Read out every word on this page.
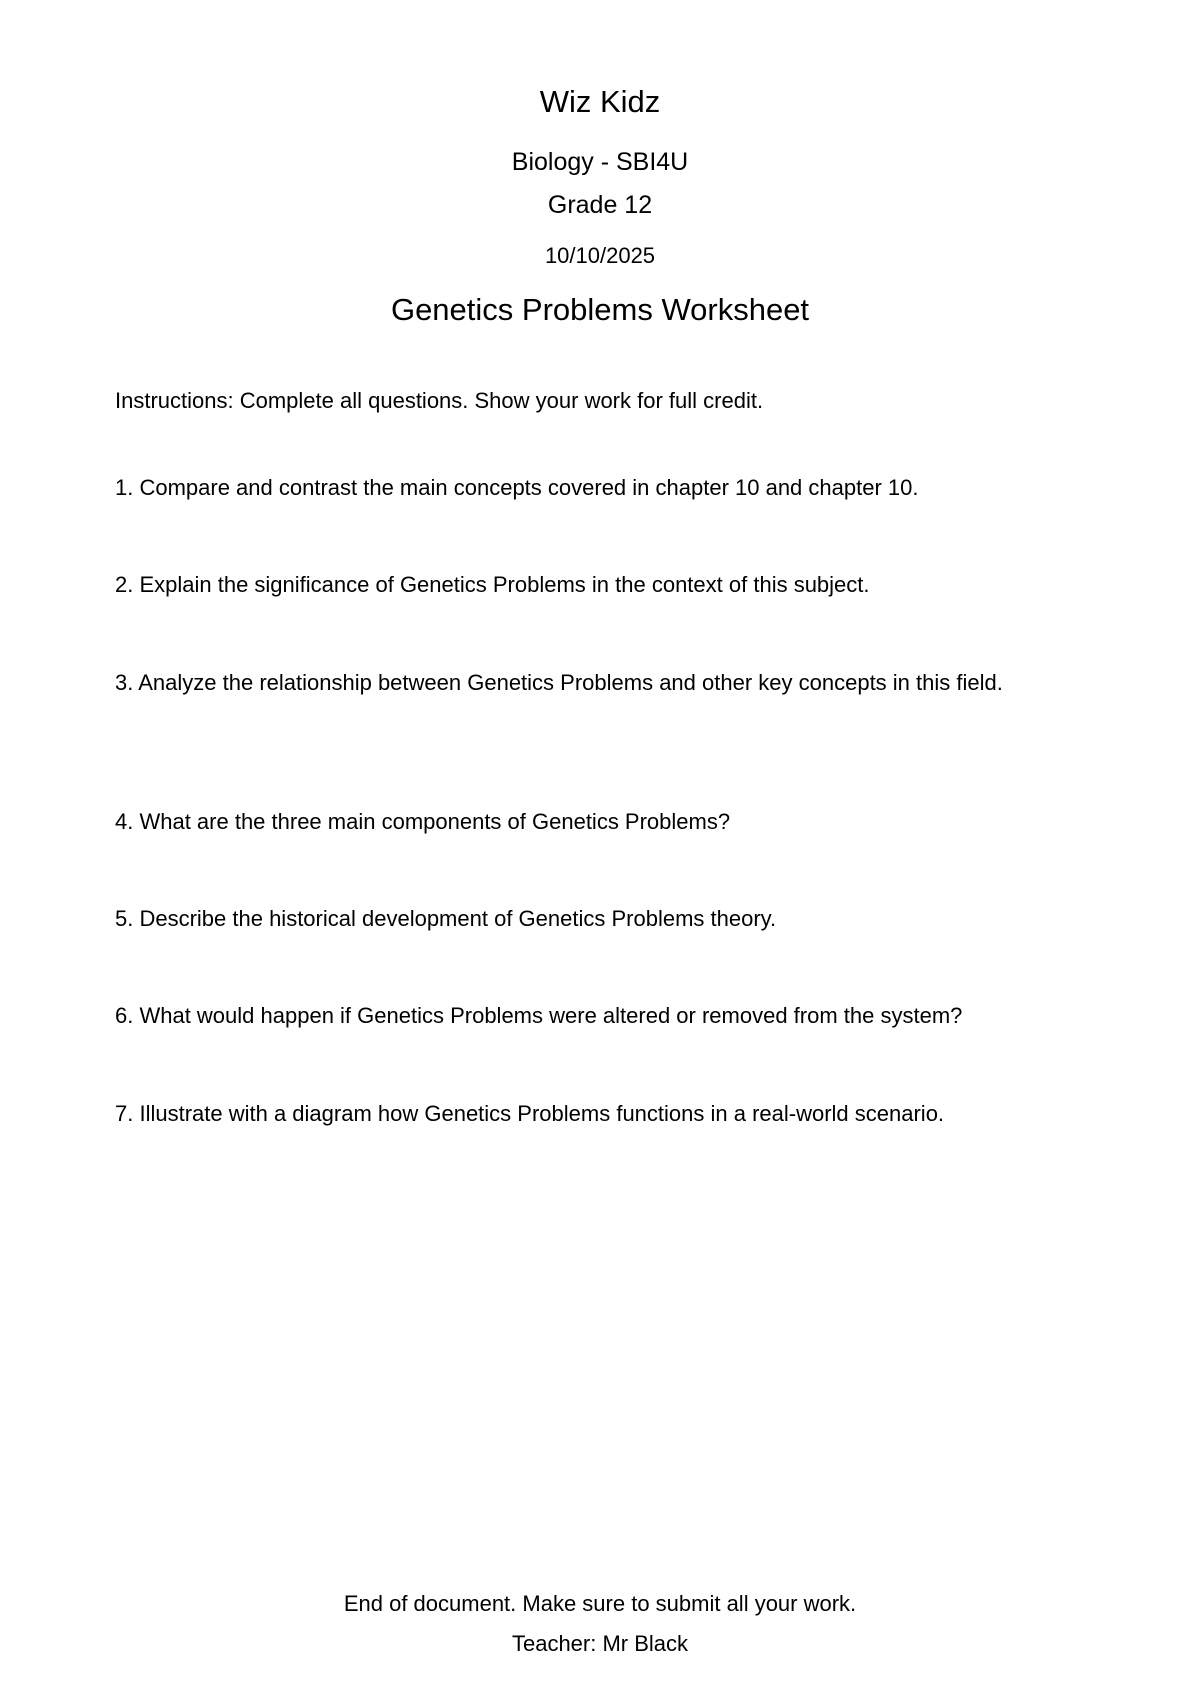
Wiz Kidz
Biology - SBI4U
Grade 12
10/10/2025
Genetics Problems Worksheet
Instructions: Complete all questions. Show your work for full credit.
1. Compare and contrast the main concepts covered in chapter 10 and chapter 10.
2. Explain the significance of Genetics Problems in the context of this subject.
3. Analyze the relationship between Genetics Problems and other key concepts in this field.
4. What are the three main components of Genetics Problems?
5. Describe the historical development of Genetics Problems theory.
6. What would happen if Genetics Problems were altered or removed from the system?
7. Illustrate with a diagram how Genetics Problems functions in a real-world scenario.
End of document. Make sure to submit all your work.
Teacher: Mr Black
